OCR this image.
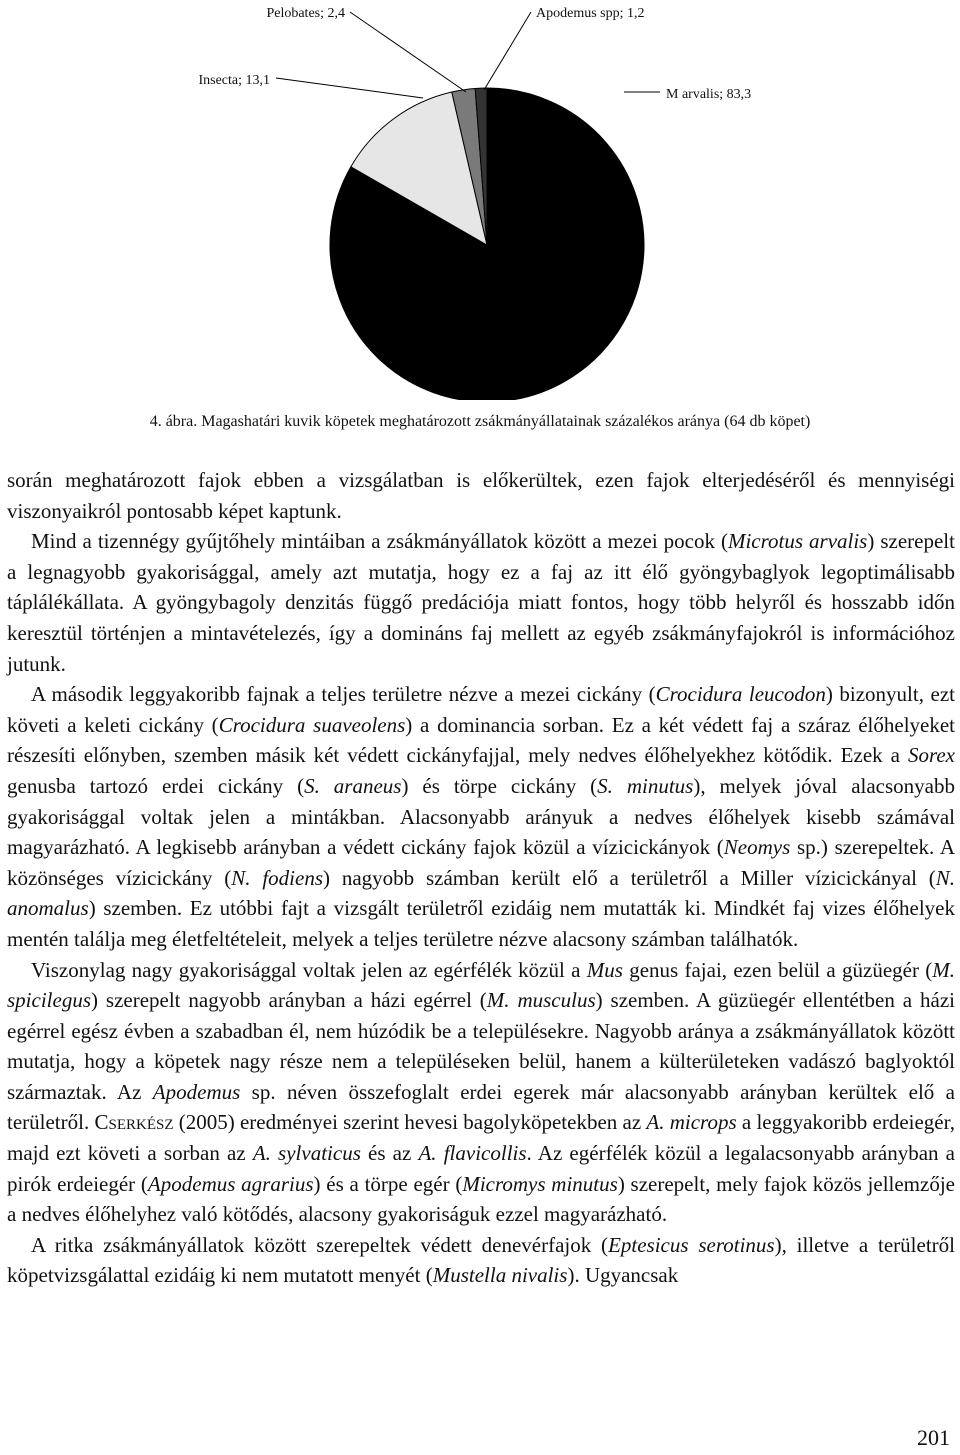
M arvalis; 83,3
Insecta; 13,1
Pelobates; 2,4	Apodemus spp; 1,2
4. ábra. Magashatári kuvik köpetek meghatározott zsákmányállatainak százalékos aránya (64 db köpet)

során meghatározott fajok ebben a vizsgálatban is előkerültek, ezen fajok elterjedéséről és mennyiségi viszonyaikról pontosabb képet kaptunk.

Mind a tizennégy gyűjtőhely mintáiban a zsákmányállatok között a mezei pocok (Microtus arvalis) szerepelt a legnagyobb gyakorisággal, amely azt mutatja, hogy ez a faj az itt élő gyöngybaglyok legoptimálisabb táplálékállata. A gyöngybagoly denzitás függő predációja miatt fontos, hogy több helyről és hosszabb időn keresztül történjen a mintavételezés, így a domináns faj mellett az egyéb zsákmányfajokról is információhoz jutunk.

A második leggyakoribb fajnak a teljes területre nézve a mezei cickány (Crocidura leucodon) bizonyult, ezt követi a keleti cickány (Crocidura suaveolens) a dominancia sorban. Ez a két védett faj a száraz élőhelyeket részesíti előnyben, szemben másik két védett cickányfajjal, mely nedves élőhelyekhez kötődik. Ezek a Sorex genusba tartozó erdei cickány (S. araneus) és törpe cickány (S. minutus), melyek jóval alacsonyabb gyakorisággal voltak jelen a mintákban. Alacsonyabb arányuk a nedves élőhelyek kisebb számával magyarázható. A legkisebb arányban a védett cickány fajok közül a vízicickányok (Neomys sp.) szerepeltek. A közönséges vízicickány (N. fodiens) nagyobb számban került elő a területről a Miller vízicickányal (N. anomalus) szemben. Ez utóbbi fajt a vizsgált területről ezidáig nem mutatták ki. Mindkét faj vizes élőhelyek mentén találja meg életfeltételeit, melyek a teljes területre nézve alacsony számban találhatók.

Viszonylag nagy gyakorisággal voltak jelen az egérfélék közül a Mus genus fajai, ezen belül a güzüegér (M. spicilegus) szerepelt nagyobb arányban a házi egérrel (M. musculus) szemben. A güzüegér ellentétben a házi egérrel egész évben a szabadban él, nem húzódik be a településekre. Nagyobb aránya a zsákmányállatok között mutatja, hogy a köpetek nagy része nem a településeken belül, hanem a külterületeken vadászó baglyoktól származtak. Az Apodemus sp. néven összefoglalt erdei egerek már alacsonyabb arányban kerültek elő a területről. Cserkész (2005) eredményei szerint hevesi bagolyköpetekben az A. microps a leggyakoribb erdeiegér, majd ezt követi a sorban az A. sylvaticus és az A. flavicollis. Az egérfélék közül a legalacsonyabb arányban a pirók erdeiegér (Apodemus agrarius) és a törpe egér (Micromys minutus) szerepelt, mely fajok közös jellemzője a nedves élőhelyhez való kötődés, alacsony gyakoriságuk ezzel magyarázható.

A ritka zsákmányállatok között szerepeltek védett denevérfajok (Eptesicus serotinus), illetve a területről köpetvizsgálattal ezidáig ki nem mutatott menyét (Mustella nivalis). Ugyancsak

201
